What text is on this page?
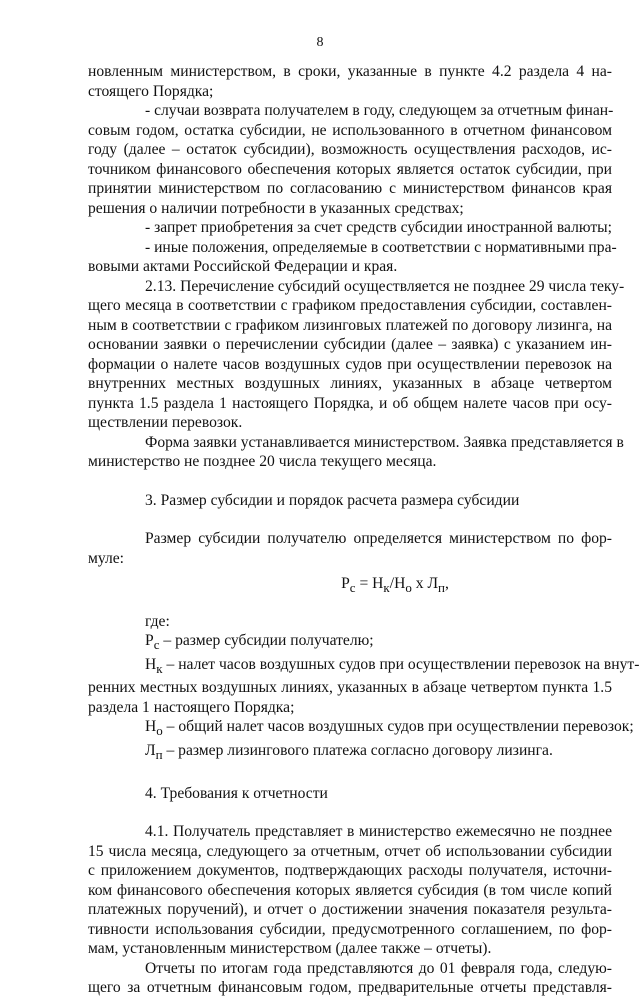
8
новленным министерством, в сроки, указанные в пункте 4.2 раздела 4 на-
стоящего Порядка;
- случаи возврата получателем в году, следующем за отчетным финан-
совым годом, остатка субсидии, не использованного в отчетном финансовом
году (далее – остаток субсидии), возможность осуществления расходов, ис-
точником финансового обеспечения которых является остаток субсидии, при
принятии министерством по согласованию с министерством финансов края
решения о наличии потребности в указанных средствах;
- запрет приобретения за счет средств субсидии иностранной валюты;
- иные положения, определяемые в соответствии с нормативными пра-
вовыми актами Российской Федерации и края.
2.13. Перечисление субсидий осуществляется не позднее 29 числа теку-
щего месяца в соответствии с графиком предоставления субсидии, составлен-
ным в соответствии с графиком лизинговых платежей по договору лизинга, на
основании заявки о перечислении субсидии (далее – заявка) с указанием ин-
формации о налете часов воздушных судов при осуществлении перевозок на
внутренних местных воздушных линиях, указанных в абзаце четвертом
пункта 1.5 раздела 1 настоящего Порядка, и об общем налете часов при осу-
ществлении перевозок.
Форма заявки устанавливается министерством. Заявка представляется в
министерство не позднее 20 числа текущего месяца.
3. Размер субсидии и порядок расчета размера субсидии
Размер субсидии получателю определяется министерством по фор-
муле:
$Р_с = Н_к/Н_о$ х $Л_п$,
где:
$Р_с$ – размер субсидии получателю;
$Н_к$ – налет часов воздушных судов при осуществлении перевозок на внут-
ренних местных воздушных линиях, указанных в абзаце четвертом пункта 1.5
раздела 1 настоящего Порядка;
$Н_о$ – общий налет часов воздушных судов при осуществлении перевозок;
$Л_п$ – размер лизингового платежа согласно договору лизинга.
4. Требования к отчетности
4.1. Получатель представляет в министерство ежемесячно не позднее
15 числа месяца, следующего за отчетным, отчет об использовании субсидии
с приложением документов, подтверждающих расходы получателя, источни-
ком финансового обеспечения которых является субсидия (в том числе копий
платежных поручений), и отчет о достижении значения показателя результа-
тивности использования субсидии, предусмотренного соглашением, по фор-
мам, установленным министерством (далее также – отчеты).
Отчеты по итогам года представляются до 01 февраля года, следую-
щего за отчетным финансовым годом, предварительные отчеты представля-
